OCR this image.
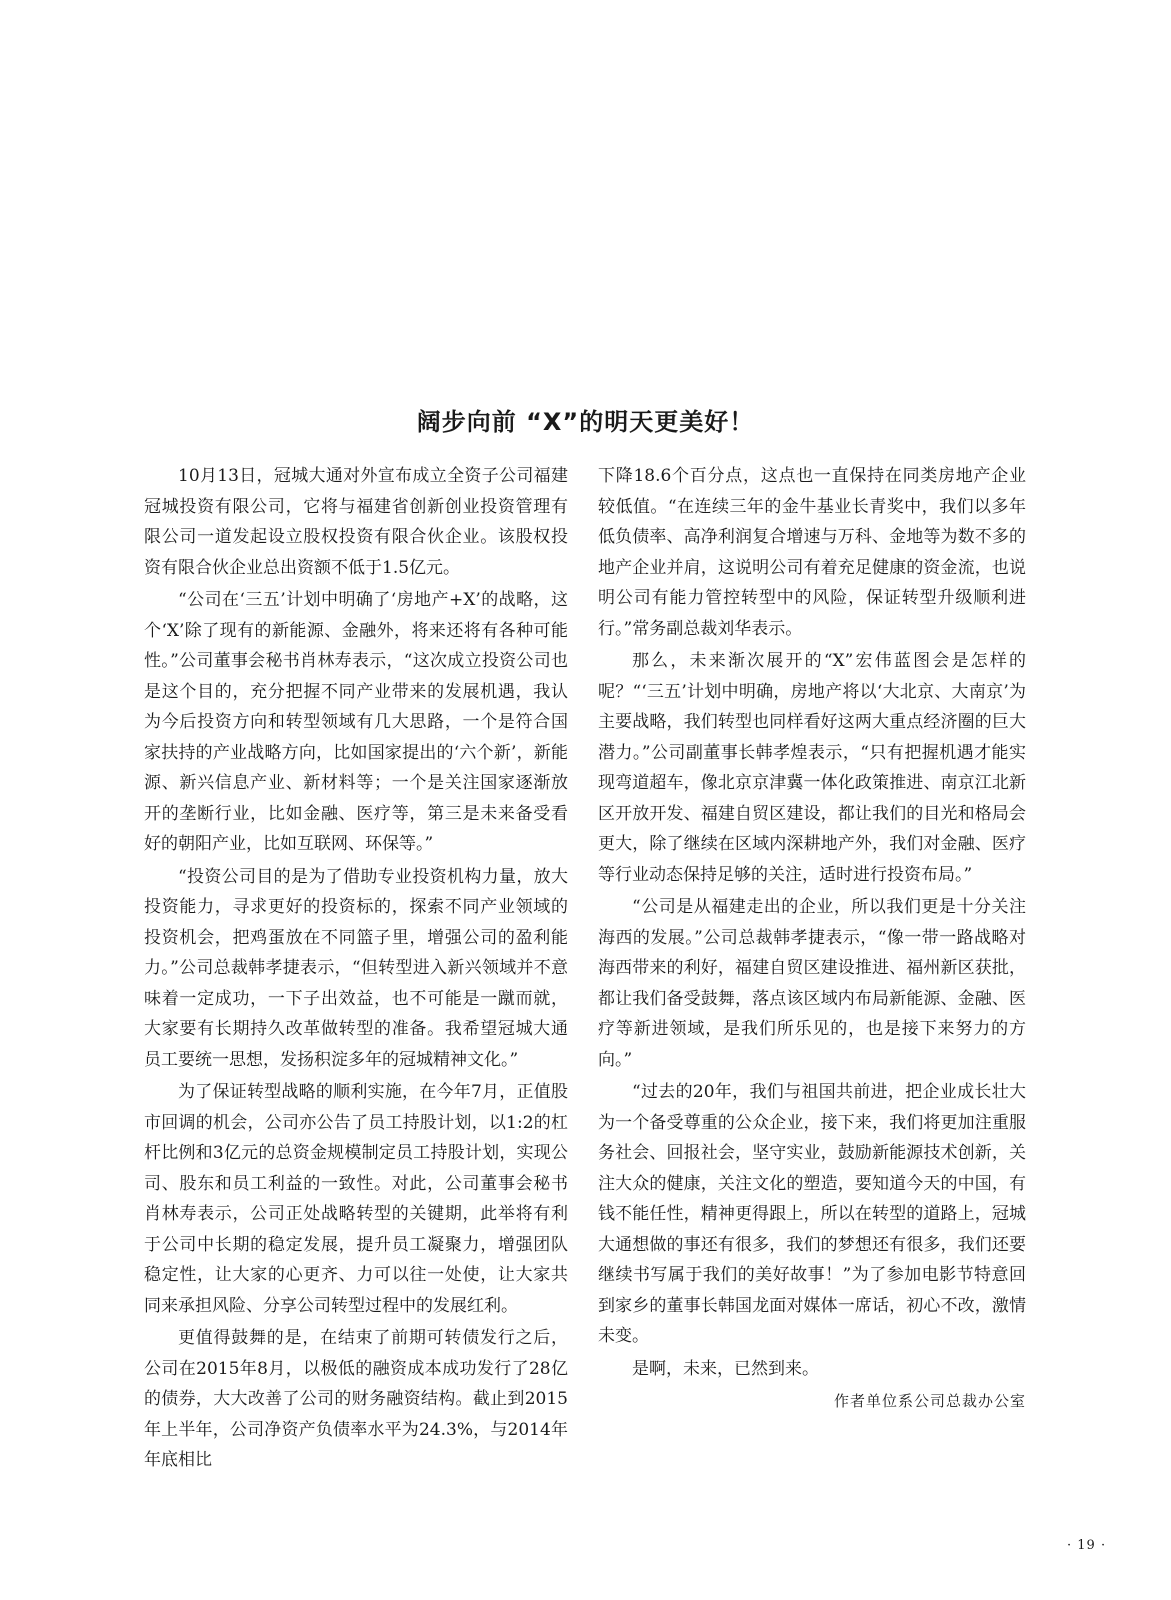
阔步向前 “X”的明天更美好！

10月13日，冠城大通对外宣布成立全资子公司福建冠城投资有限公司，它将与福建省创新创业投资管理有限公司一道发起设立股权投资有限合伙企业。该股权投资有限合伙企业总出资额不低于1.5亿元。

“公司在‘三五’计划中明确了‘房地产+X’的战略，这个‘X’除了现有的新能源、金融外，将来还将有各种可能性。”公司董事会秘书肖林寿表示，“这次成立投资公司也是这个目的，充分把握不同产业带来的发展机遇，我认为今后投资方向和转型领域有几大思路，一个是符合国家扶持的产业战略方向，比如国家提出的‘六个新’，新能源、新兴信息产业、新材料等；一个是关注国家逐渐放开的垄断行业，比如金融、医疗等，第三是未来备受看好的朝阳产业，比如互联网、环保等。”

“投资公司目的是为了借助专业投资机构力量，放大投资能力，寻求更好的投资标的，探索不同产业领域的投资机会，把鸡蛋放在不同篮子里，增强公司的盈利能力。”公司总裁韩孝捷表示，“但转型进入新兴领域并不意味着一定成功，一下子出效益，也不可能是一蹴而就，大家要有长期持久改革做转型的准备。我希望冠城大通员工要统一思想，发扬积淀多年的冠城精神文化。”

为了保证转型战略的顺利实施，在今年7月，正值股市回调的机会，公司亦公告了员工持股计划，以1:2的杠杆比例和3亿元的总资金规模制定员工持股计划，实现公司、股东和员工利益的一致性。对此，公司董事会秘书肖林寿表示，公司正处战略转型的关键期，此举将有利于公司中长期的稳定发展，提升员工凝聚力，增强团队稳定性，让大家的心更齐、力可以往一处使，让大家共同来承担风险、分享公司转型过程中的发展红利。

更值得鼓舞的是，在结束了前期可转债发行之后，公司在2015年8月，以极低的融资成本成功发行了28亿的债券，大大改善了公司的财务融资结构。截止到2015年上半年，公司净资产负债率水平为24.3%，与2014年年底相比

下降18.6个百分点，这点也一直保持在同类房地产企业较低值。“在连续三年的金牛基业长青奖中，我们以多年低负债率、高净利润复合增速与万科、金地等为数不多的地产企业并肩，这说明公司有着充足健康的资金流，也说明公司有能力管控转型中的风险，保证转型升级顺利进行。”常务副总裁刘华表示。

那么，未来渐次展开的“X”宏伟蓝图会是怎样的呢？“‘三五’计划中明确，房地产将以‘大北京、大南京’为主要战略，我们转型也同样看好这两大重点经济圈的巨大潜力。”公司副董事长韩孝煌表示，“只有把握机遇才能实现弯道超车，像北京京津冀一体化政策推进、南京江北新区开放开发、福建自贸区建设，都让我们的目光和格局会更大，除了继续在区域内深耕地产外，我们对金融、医疗等行业动态保持足够的关注，适时进行投资布局。”

“公司是从福建走出的企业，所以我们更是十分关注海西的发展。”公司总裁韩孝捷表示，“像一带一路战略对海西带来的利好，福建自贸区建设推进、福州新区获批，都让我们备受鼓舞，落点该区域内布局新能源、金融、医疗等新进领域，是我们所乐见的，也是接下来努力的方向。”

“过去的20年，我们与祖国共前进，把企业成长壮大为一个备受尊重的公众企业，接下来，我们将更加注重服务社会、回报社会，坚守实业，鼓励新能源技术创新，关注大众的健康，关注文化的塑造，要知道今天的中国，有钱不能任性，精神更得跟上，所以在转型的道路上，冠城大通想做的事还有很多，我们的梦想还有很多，我们还要继续书写属于我们的美好故事！”为了参加电影节特意回到家乡的董事长韩国龙面对媒体一席话，初心不改，激情未变。

是啊，未来，已然到来。

作者单位系公司总裁办公室
· 19 ·
